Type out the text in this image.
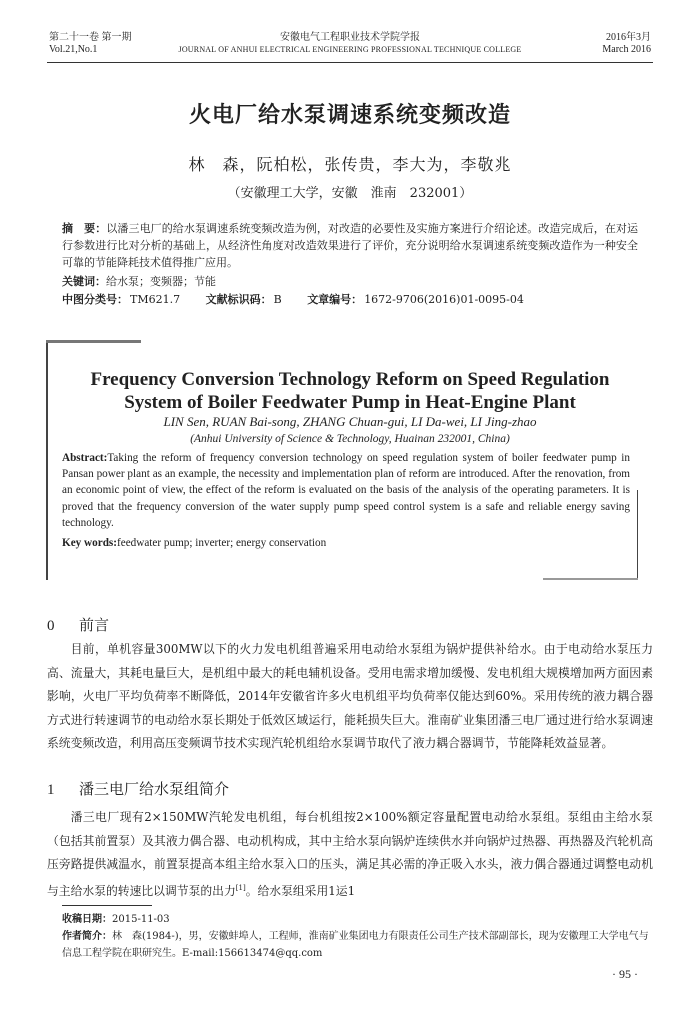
第二十一卷 第一期
Vol.21,No.1
安徽电气工程职业技术学院学报
JOURNAL OF ANHUI ELECTRICAL ENGINEERING PROFESSIONAL TECHNIQUE COLLEGE
2016年3月
March 2016
火电厂给水泵调速系统变频改造
林　森，阮柏松，张传贵，李大为，李敬兆
（安徽理工大学，安徽　淮南　232001）
摘　要：以潘三电厂的给水泵调速系统变频改造为例，对改造的必要性及实施方案进行介绍论述。改造完成后，在对运行参数进行比对分析的基础上，从经济性角度对改造效果进行了评价，充分说明给水泵调速系统变频改造作为一种安全可靠的节能降耗技术值得推广应用。
关键词：给水泵；变频器；节能
中图分类号： TM621.7 文献标识码： B 文章编号： 1672-9706(2016)01-0095-04
Frequency Conversion Technology Reform on Speed Regulation System of Boiler Feedwater Pump in Heat-Engine Plant
LIN Sen, RUAN Bai-song, ZHANG Chuan-gui, LI Da-wei, LI Jing-zhao
(Anhui University of Science & Technology, Huainan 232001, China)
Abstract:Taking the reform of frequency conversion technology on speed regulation system of boiler feedwater pump in Pansan power plant as an example, the necessity and implementation plan of reform are introduced. After the renovation, from an economic point of view, the effect of the reform is evaluated on the basis of the analysis of the operating parameters. It is proved that the frequency conversion of the water supply pump speed control system is a safe and reliable energy saving technology.
Key words:feedwater pump; inverter; energy conservation
0 前言
目前，单机容量300MW以下的火力发电机组普遍采用电动给水泵组为锅炉提供补给水。由于电动给水泵压力高、流量大，其耗电量巨大，是机组中最大的耗电辅机设备。受用电需求增加缓慢、发电机组大规模增加两方面因素影响，火电厂平均负荷率不断降低，2014年安徽省许多火电机组平均负荷率仅能达到60%。采用传统的液力耦合器方式进行转速调节的电动给水泵长期处于低效区域运行，能耗损失巨大。淮南矿业集团潘三电厂通过进行给水泵调速系统变频改造，利用高压变频调节技术实现汽轮机组给水泵调节取代了液力耦合器调节，节能降耗效益显著。
1 潘三电厂给水泵组简介
潘三电厂现有2×150MW汽轮发电机组，每台机组按2×100%额定容量配置电动给水泵组。泵组由主给水泵（包括其前置泵）及其液力偶合器、电动机构成，其中主给水泵向锅炉连续供水并向锅炉过热器、再热器及汽轮机高压旁路提供减温水，前置泵提高本组主给水泵入口的压头，满足其必需的净正吸入水头，液力偶合器通过调整电动机与主给水泵的转速比以调节泵的出力[1]。给水泵组采用1运1
收稿日期：2015-11-03
作者简介：林　森(1984-)，男，安徽蚌埠人，工程师，淮南矿业集团电力有限责任公司生产技术部副部长，现为安徽理工大学电气与信息工程学院在职研究生。E-mail:156613474@qq.com
· 95 ·
